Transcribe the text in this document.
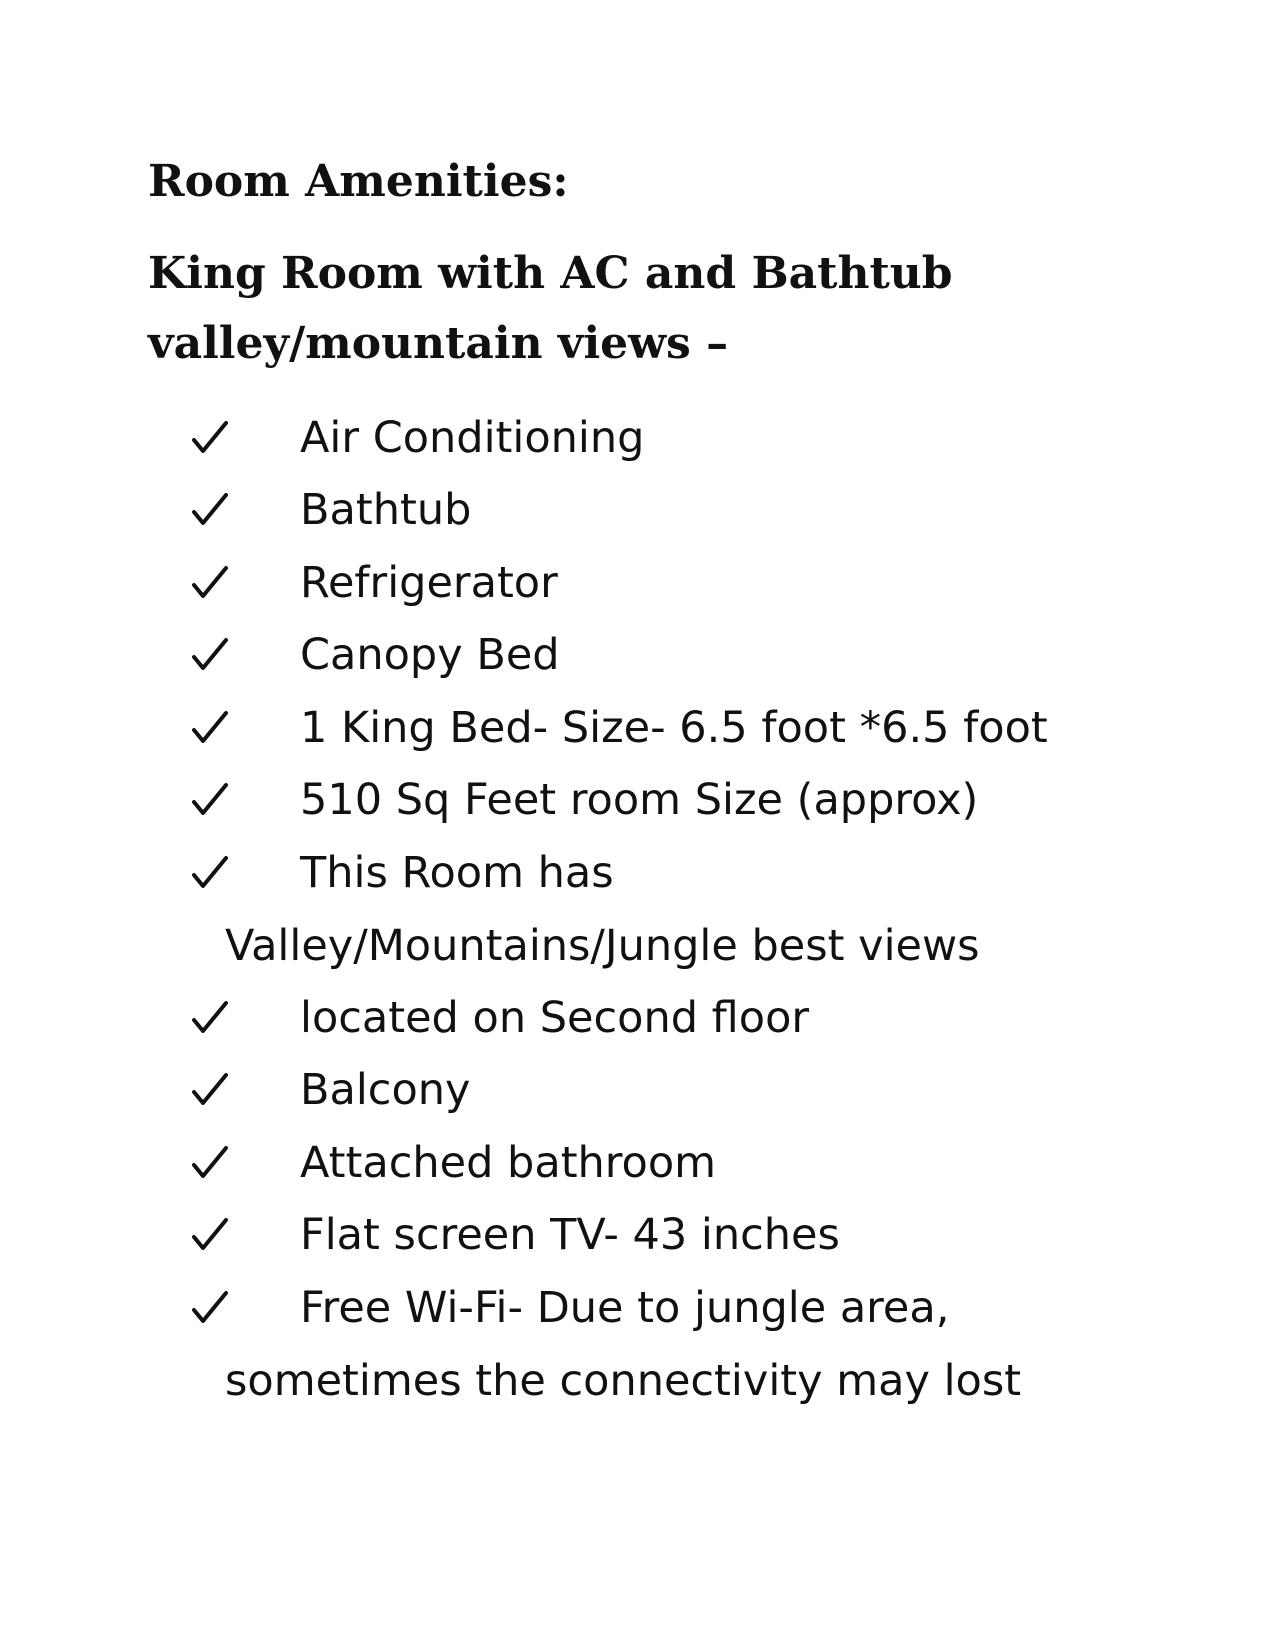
Room Amenities:
King Room with AC and Bathtub
valley/mountain views –
Air Conditioning
Bathtub
Refrigerator
Canopy Bed
1 King Bed- Size- 6.5 foot *6.5 foot
510 Sq Feet room Size (approx)
This Room has
Valley/Mountains/Jungle best views
located on Second floor
Balcony
Attached bathroom
Flat screen TV- 43 inches
Free Wi-Fi- Due to jungle area,
sometimes the connectivity may lost
